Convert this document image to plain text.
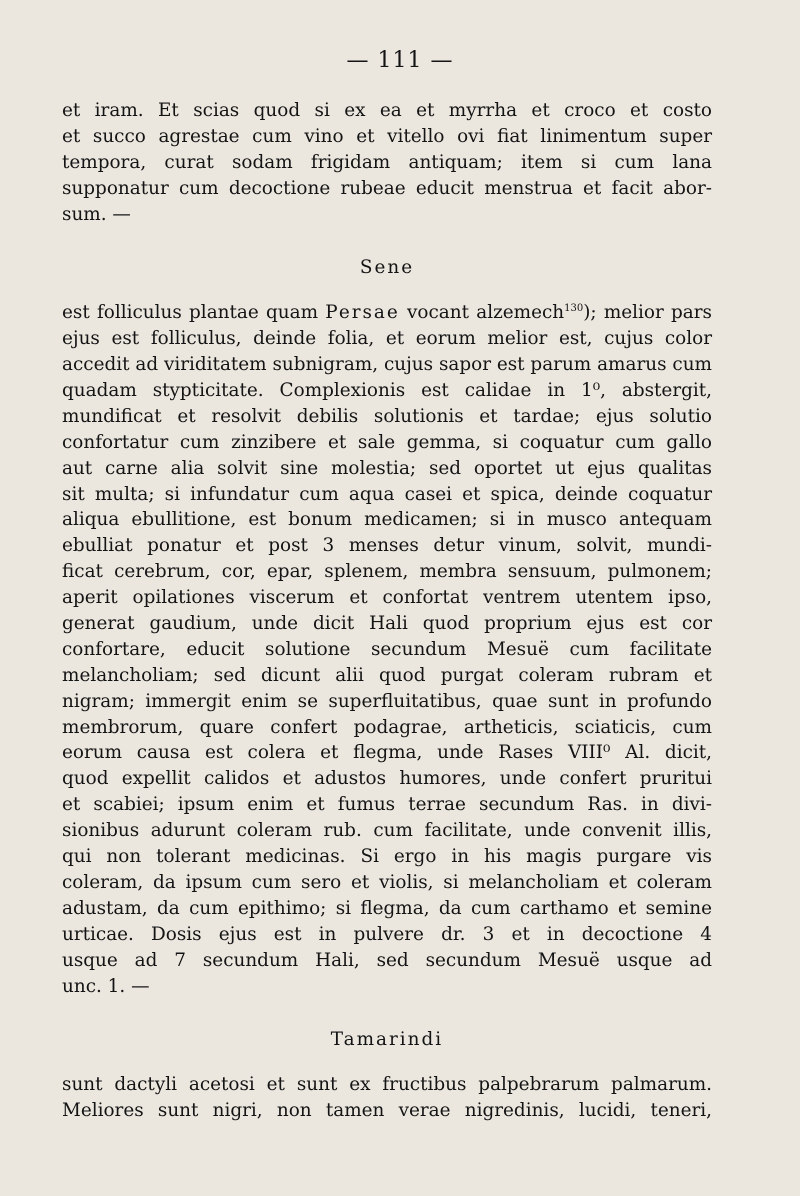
— 111 —
et iram. Et scias quod si ex ea et myrrha et croco et costo
et succo agrestae cum vino et vitello ovi fiat linimentum super
tempora, curat sodam frigidam antiquam; item si cum lana
supponatur cum decoctione rubeae educit menstrua et facit abor-
sum. —
Sene
est folliculus plantae quam Persae vocant alzemech$^{130}$); melior pars
ejus est folliculus, deinde folia, et eorum melior est, cujus color
accedit ad viriditatem subnigram, cujus sapor est parum amarus cum
quadam stypticitate. Complexionis est calidae in 1⁰, abstergit,
mundificat et resolvit debilis solutionis et tardae; ejus solutio
confortatur cum zinzibere et sale gemma, si coquatur cum gallo
aut carne alia solvit sine molestia; sed oportet ut ejus qualitas
sit multa; si infundatur cum aqua casei et spica, deinde coquatur
aliqua ebullitione, est bonum medicamen; si in musco antequam
ebulliat ponatur et post 3 menses detur vinum, solvit, mundi-
ficat cerebrum, cor, epar, splenem, membra sensuum, pulmonem;
aperit opilationes viscerum et confortat ventrem utentem ipso,
generat gaudium, unde dicit Hali quod proprium ejus est cor
confortare, educit solutione secundum Mesuë cum facilitate
melancholiam; sed dicunt alii quod purgat coleram rubram et
nigram; immergit enim se superfluitatibus, quae sunt in profundo
membrorum, quare confert podagrae, artheticis, sciaticis, cum
eorum causa est colera et flegma, unde Rases VIII⁰ Al. dicit,
quod expellit calidos et adustos humores, unde confert pruritui
et scabiei; ipsum enim et fumus terrae secundum Ras. in divi-
sionibus adurunt coleram rub. cum facilitate, unde convenit illis,
qui non tolerant medicinas. Si ergo in his magis purgare vis
coleram, da ipsum cum sero et violis, si melancholiam et coleram
adustam, da cum epithimo; si flegma, da cum carthamo et semine
urticae. Dosis ejus est in pulvere dr. 3 et in decoctione 4
usque ad 7 secundum Hali, sed secundum Mesuë usque ad
unc. 1. —
Tamarindi
sunt dactyli acetosi et sunt ex fructibus palpebrarum palmarum.
Meliores sunt nigri, non tamen verae nigredinis, lucidi, teneri,
